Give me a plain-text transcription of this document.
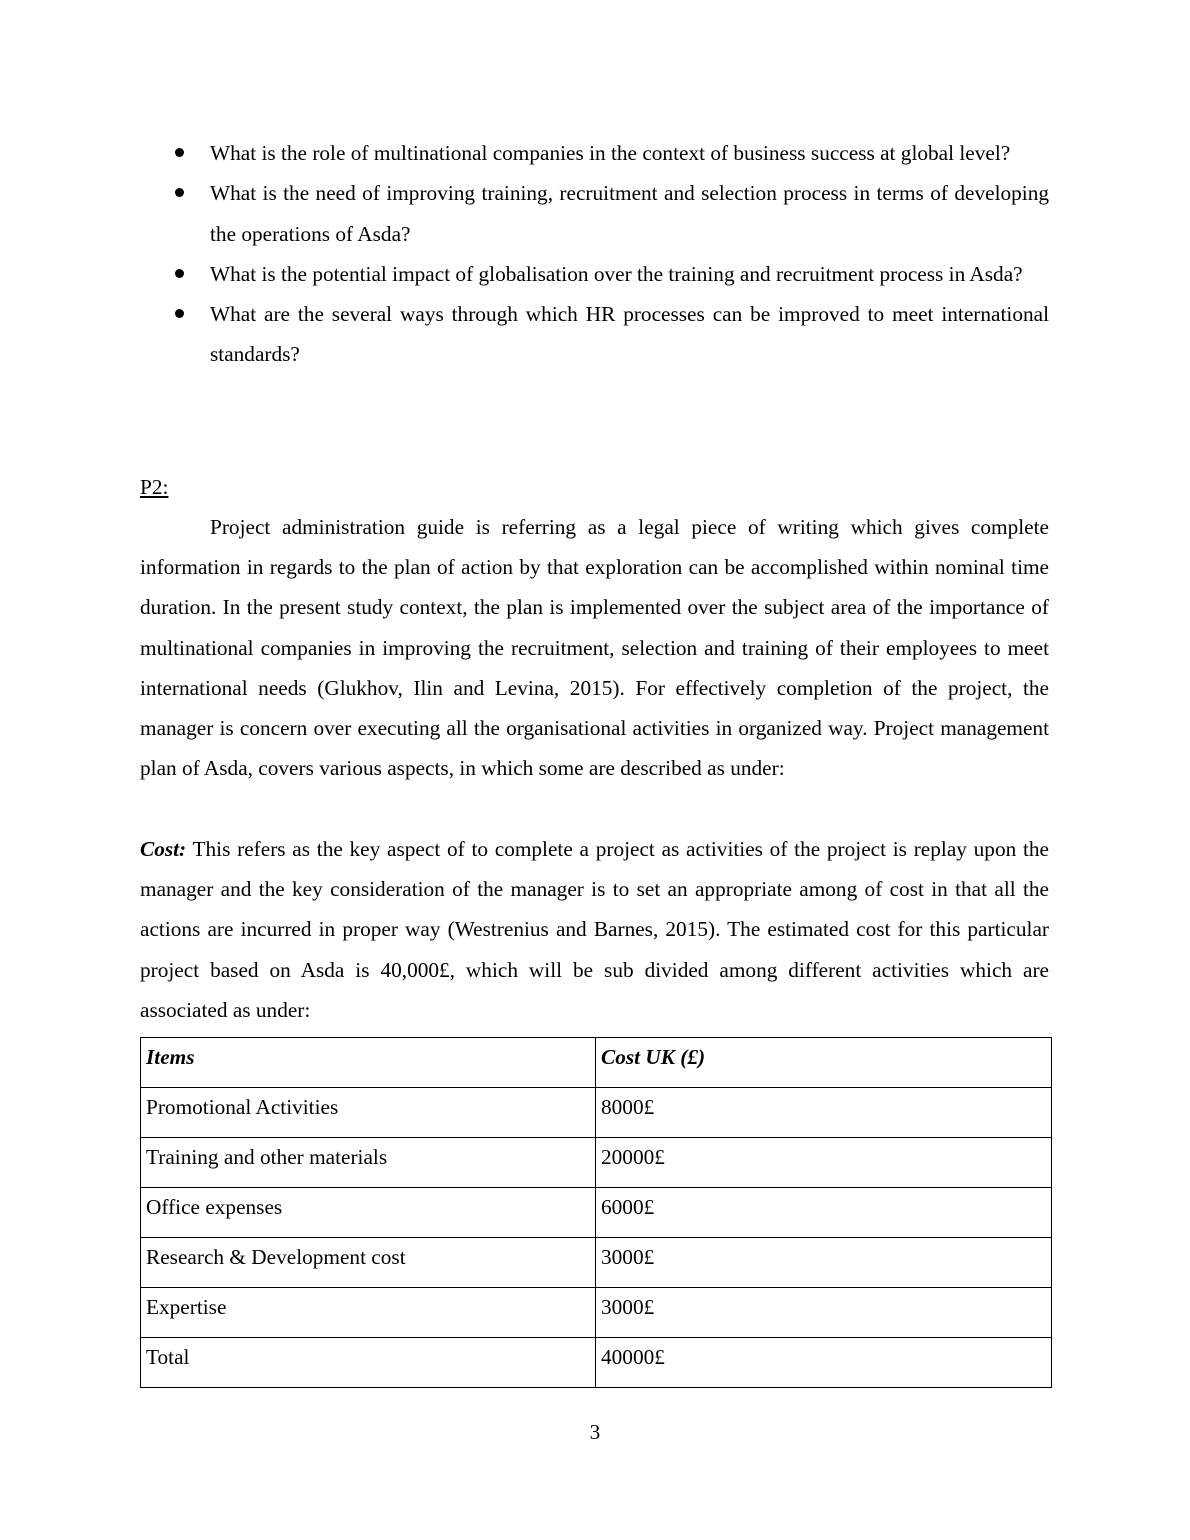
What is the role of multinational companies in the context of business success at global level?
What is the need of improving training, recruitment and selection process in terms of developing the operations of Asda?
What is the potential impact of globalisation over the training and recruitment process in Asda?
What are the several ways through which HR processes can be improved to meet international standards?
P2:

Project administration guide is referring as a legal piece of writing which gives complete information in regards to the plan of action by that exploration can be accomplished within nominal time duration. In the present study context, the plan is implemented over the subject area of the importance of multinational companies in improving the recruitment, selection and training of their employees to meet international needs (Glukhov, Ilin and Levina, 2015). For effectively completion of the project, the manager is concern over executing all the organisational activities in organized way. Project management plan of Asda, covers various aspects, in which some are described as under:

Cost: This refers as the key aspect of to complete a project as activities of the project is replay upon the manager and the key consideration of the manager is to set an appropriate among of cost in that all the actions are incurred in proper way (Westrenius and Barnes, 2015). The estimated cost for this particular project based on Asda is 40,000£, which will be sub divided among different activities which are associated as under:

Items	Cost UK (£)
Promotional Activities	8000£
Training and other materials	20000£
Office expenses	6000£
Research & Development cost	3000£
Expertise	3000£
Total	40000£
3
